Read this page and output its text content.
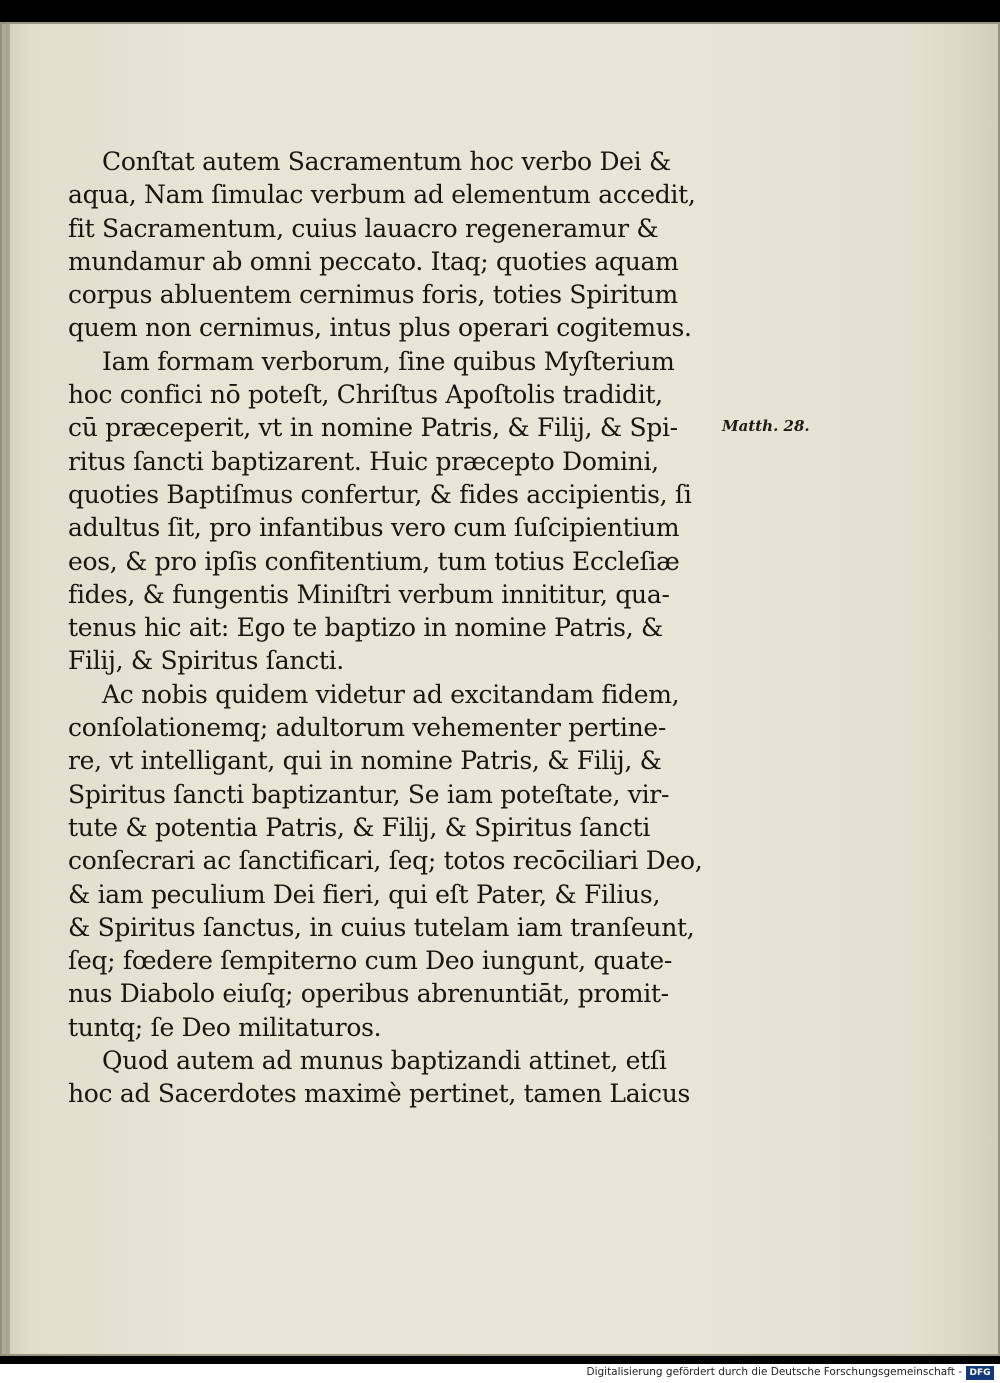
Conſtat autem Sacramentum hoc verbo Dei &
aqua, Nam ſimulac verbum ad elementum accedit,
fit Sacramentum, cuius lauacro regeneramur &
mundamur ab omni peccato. Itaq; quoties aquam
corpus abluentem cernimus foris, toties Spiritum
quem non cernimus, intus plus operari cogitemus.
Iam formam verborum, ſine quibus Myſterium
hoc confici nō poteſt, Chriſtus Apoſtolis tradidit,
cū præceperit, vt in nomine Patris, & Filij, & Spi-
ritus ſancti baptizarent. Huic præcepto Domini,
quoties Baptiſmus confertur, & fides accipientis, ſi
adultus ſit, pro infantibus vero cum ſuſcipientium
eos, & pro ipſis confitentium, tum totius Eccleſiæ
fides, & fungentis Miniſtri verbum innititur, qua-
tenus hic ait: Ego te baptizo in nomine Patris, &
Filij, & Spiritus ſancti.
Ac nobis quidem videtur ad excitandam fidem,
conſolationemq; adultorum vehementer pertine-
re, vt intelligant, qui in nomine Patris, & Filij, &
Spiritus ſancti baptizantur, Se iam poteſtate, vir-
tute & potentia Patris, & Filij, & Spiritus ſancti
conſecrari ac ſanctificari, ſeq; totos recōciliari Deo,
& iam peculium Dei fieri, qui eſt Pater, & Filius,
& Spiritus ſanctus, in cuius tutelam iam tranſeunt,
ſeq; fœdere ſempiterno cum Deo iungunt, quate-
nus Diabolo eiuſq; operibus abrenuntiāt, promit-
tuntq; ſe Deo militaturos.
Quod autem ad munus baptizandi attinet, etſi
hoc ad Sacerdotes maximè pertinet, tamen Laicus
Matth. 28.
Digitalisierung gefördert durch die Deutsche Forschungsgemeinschaft - DFG
